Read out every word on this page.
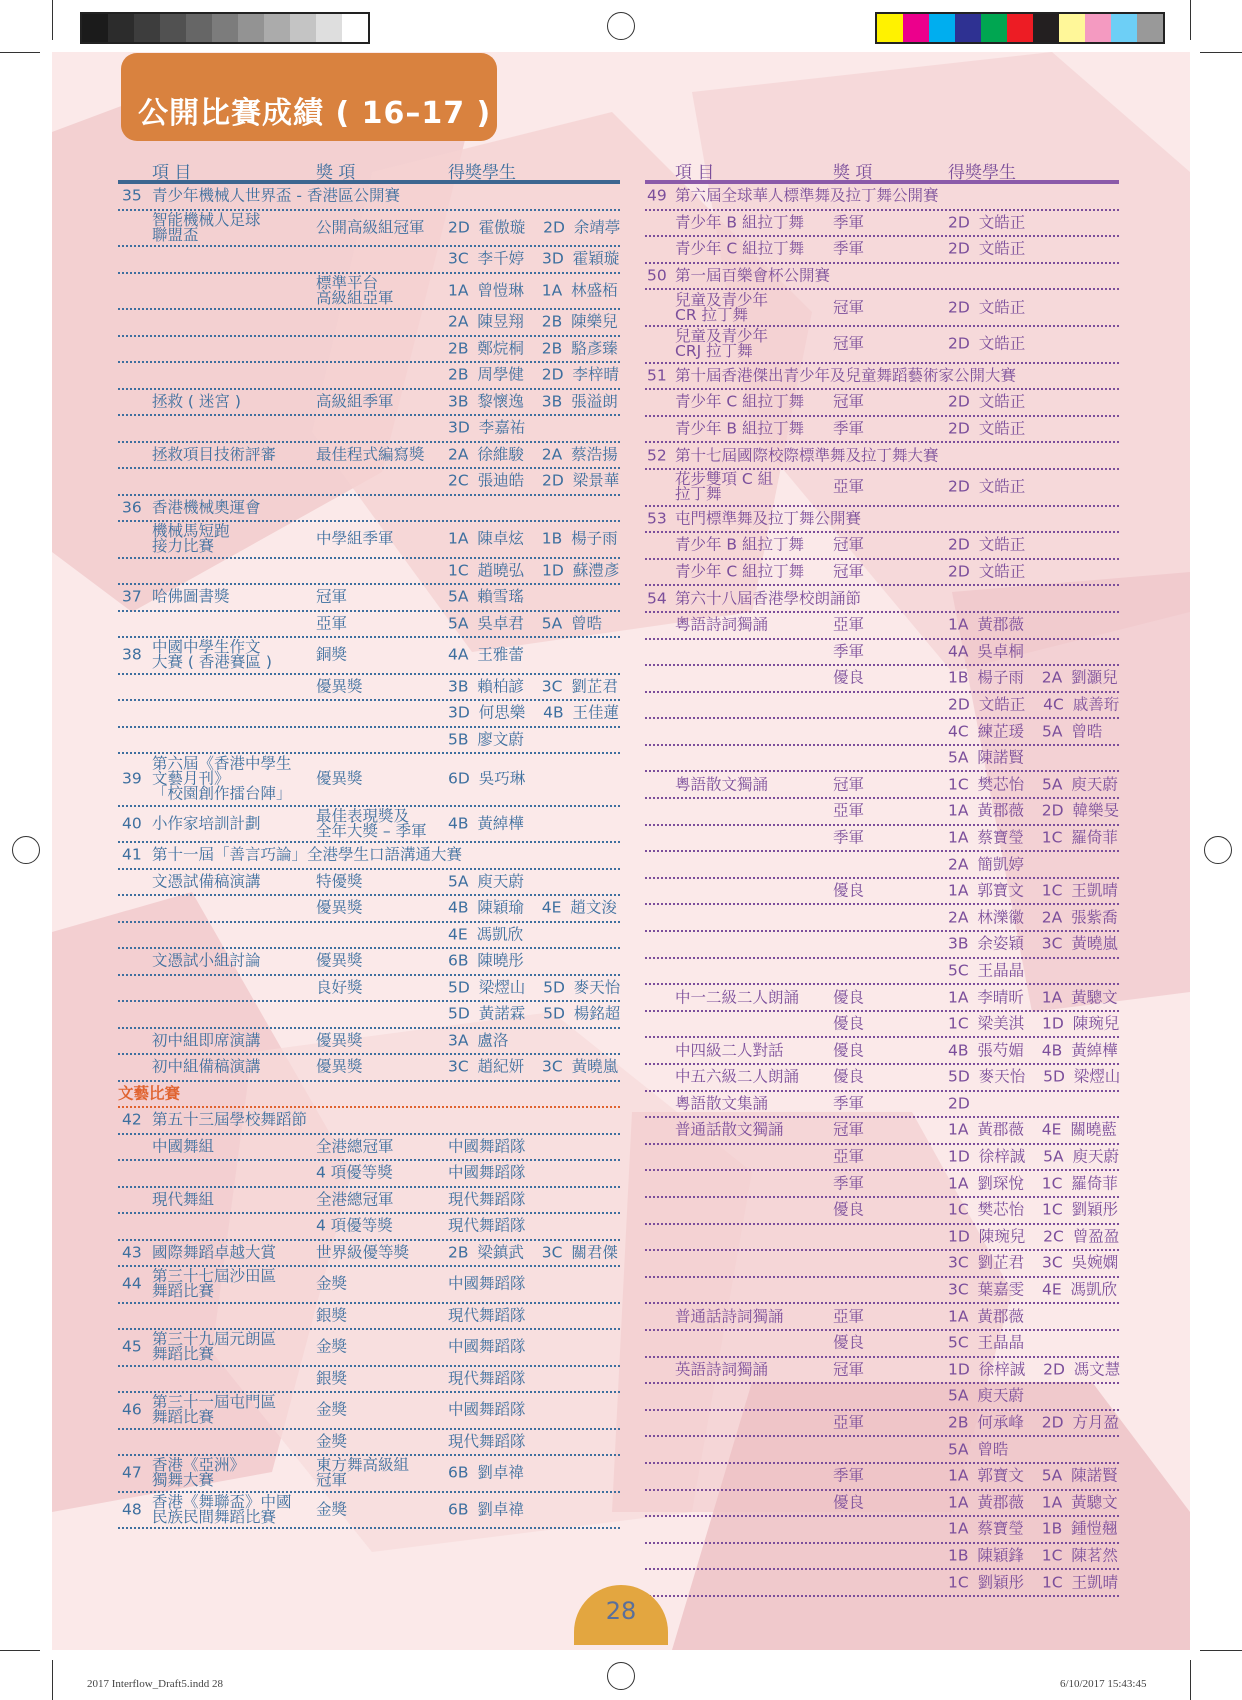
公開比賽成績 ( 16–17 )
項 目	獎 項	得獎學生
35 青少年機械人世界盃 - 香港區公開賽
智能機械人足球
聯盟盃	公開高級組冠軍 2D 霍傲璇  2D 余靖葶
3C 李千婷  3D 霍穎璇
標準平台
高級組亞軍	1A 曾愷琳  1A 林盛栢
2A 陳昱翔  2B 陳樂兒
2B 鄭烷桐  2B 駱彥臻
2B 周學健  2D 李梓晴
拯救 ( 迷宮 )	高級組季軍	3B 黎懷逸  3B 張溢朗
3D 李嘉祐
拯救項目技術評審	最佳程式編寫獎 2A 徐維駿  2A 蔡浩揚
2C 張迪皓  2D 梁景華
36 香港機械奧運會
機械馬短跑
接力比賽	中學組季軍	1A 陳卓炫  1B 楊子雨
1C 趙曉弘  1D 蘇澧彥
37 哈佛圖書獎	冠軍	5A 賴雪瑤
亞軍	5A 吳卓君  5A 曾晧
38 中國中學生作文
大賽 ( 香港賽區 )	銅獎	4A 王雅蕾
優異獎	3B 賴柏諺  3C 劉芷君
3D 何思樂  4B 王佳蓮
5B 廖文蔚
39
第六屆《香港中學生
文藝月刊》
「校園創作擂台陣」
優異獎	6D 吳巧琳
40 小作家培訓計劃	最佳表現獎及
全年大獎 – 季軍 4B 黃綽樺
41 第十一屆「善言巧論」全港學生口語溝通大賽
文憑試備稿演講	特優獎	5A 庾天蔚
優異獎	4B 陳穎瑜  4E 趙文浚
4E 馮凱欣
文憑試小組討論	優異獎	6B 陳曉彤
良好獎	5D 梁熤山  5D 麥天怡
5D 黃諾霖  5D 楊銘超
初中組即席演講	優異獎	3A 盧洛
初中組備稿演講	優異獎	3C 趙紀妍  3C 黃曉嵐
文藝比賽
42 第五十三屆學校舞蹈節
中國舞組	全港總冠軍	中國舞蹈隊
4 項優等獎	中國舞蹈隊
現代舞組	全港總冠軍	現代舞蹈隊
4 項優等獎	現代舞蹈隊
43 國際舞蹈卓越大賞	世界級優等獎	2B 梁鎮武  3C 關君傑
44 第三十七屆沙田區
舞蹈比賽	金獎	中國舞蹈隊
銀獎	現代舞蹈隊
45 第三十九屆元朗區
舞蹈比賽	金獎	中國舞蹈隊
銀獎	現代舞蹈隊
46 第三十一屆屯門區
舞蹈比賽	金獎	中國舞蹈隊
金獎	現代舞蹈隊
47 香港《亞洲》
獨舞大賽
東方舞高級組
冠軍	6B 劉卓禕
48 香港《舞聯盃》中國
民族民間舞蹈比賽	金獎	6B 劉卓禕
項 目	獎 項	得獎學生
49 第六屆全球華人標準舞及拉丁舞公開賽
青少年 B 組拉丁舞 季軍	2D 文皓正
青少年 C 組拉丁舞 季軍	2D 文皓正
50 第一屆百樂會杯公開賽
兒童及青少年
CR 拉丁舞	冠軍	2D 文皓正
兒童及青少年
CRJ 拉丁舞	冠軍	2D 文皓正
51 第十屆香港傑出青少年及兒童舞蹈藝術家公開大賽
青少年 C 組拉丁舞 冠軍	2D 文皓正
青少年 B 組拉丁舞 季軍	2D 文皓正
52 第十七屆國際校際標準舞及拉丁舞大賽
花步雙項 C 組
拉丁舞	亞軍	2D 文皓正
53 屯門標準舞及拉丁舞公開賽
青少年 B 組拉丁舞 冠軍	2D 文皓正
青少年 C 組拉丁舞 冠軍	2D 文皓正
54 第六十八屆香港學校朗誦節
粵語詩詞獨誦	亞軍	1A 黃郡薇
季軍	4A 吳卓桐
優良	1B 楊子雨  2A 劉灝兒
2D 文皓正  4C 戚善珩
4C 練芷瑗  5A 曾晧
5A 陳諾賢
粵語散文獨誦	冠軍	1C 樊芯怡  5A 庾天蔚
亞軍	1A 黃郡薇  2D 韓樂旻
季軍	1A 蔡寶瑩  1C 羅倚菲
2A 簡凱婷
優良	1A 郭寶文  1C 王凱晴
2A 林濼徽  2A 張紫喬
3B 余姿穎  3C 黃曉嵐
5C 王晶晶
中一二級二人朗誦 優良	1A 李晴昕  1A 黃驄文
優良	1C 梁美淇  1D 陳琬兒
中四級二人對話	優良	4B 張芍媚  4B 黃綽樺
中五六級二人朗誦 優良	5D 麥天怡  5D 梁熤山
粵語散文集誦	季軍	2D
普通話散文獨誦	冠軍	1A 黃郡薇  4E 關曉藍
亞軍	1D 徐梓誠  5A 庾天蔚
季軍	1A 劉琛悅  1C 羅倚菲
優良	1C 樊芯怡  1C 劉穎彤
1D 陳琬兒  2C 曾盈盈
3C 劉芷君  3C 吳婉嫻
3C 葉嘉雯  4E 馮凱欣
普通話詩詞獨誦	亞軍	1A 黃郡薇
優良	5C 王晶晶
英語詩詞獨誦	冠軍	1D 徐梓誠  2D 馮文慧
5A 庾天蔚
亞軍	2B 何承峰  2D 方月盈
5A 曾晧
季軍	1A 郭寶文  5A 陳諾賢
優良	1A 黃郡薇  1A 黃驄文
1A 蔡寶瑩  1B 鍾愷翹
1B 陳穎鋒  1C 陳茗然
1C 劉穎彤  1C 王凱晴
28
2017 Interflow_Draft5.indd 28	6/10/2017 15:43:45
